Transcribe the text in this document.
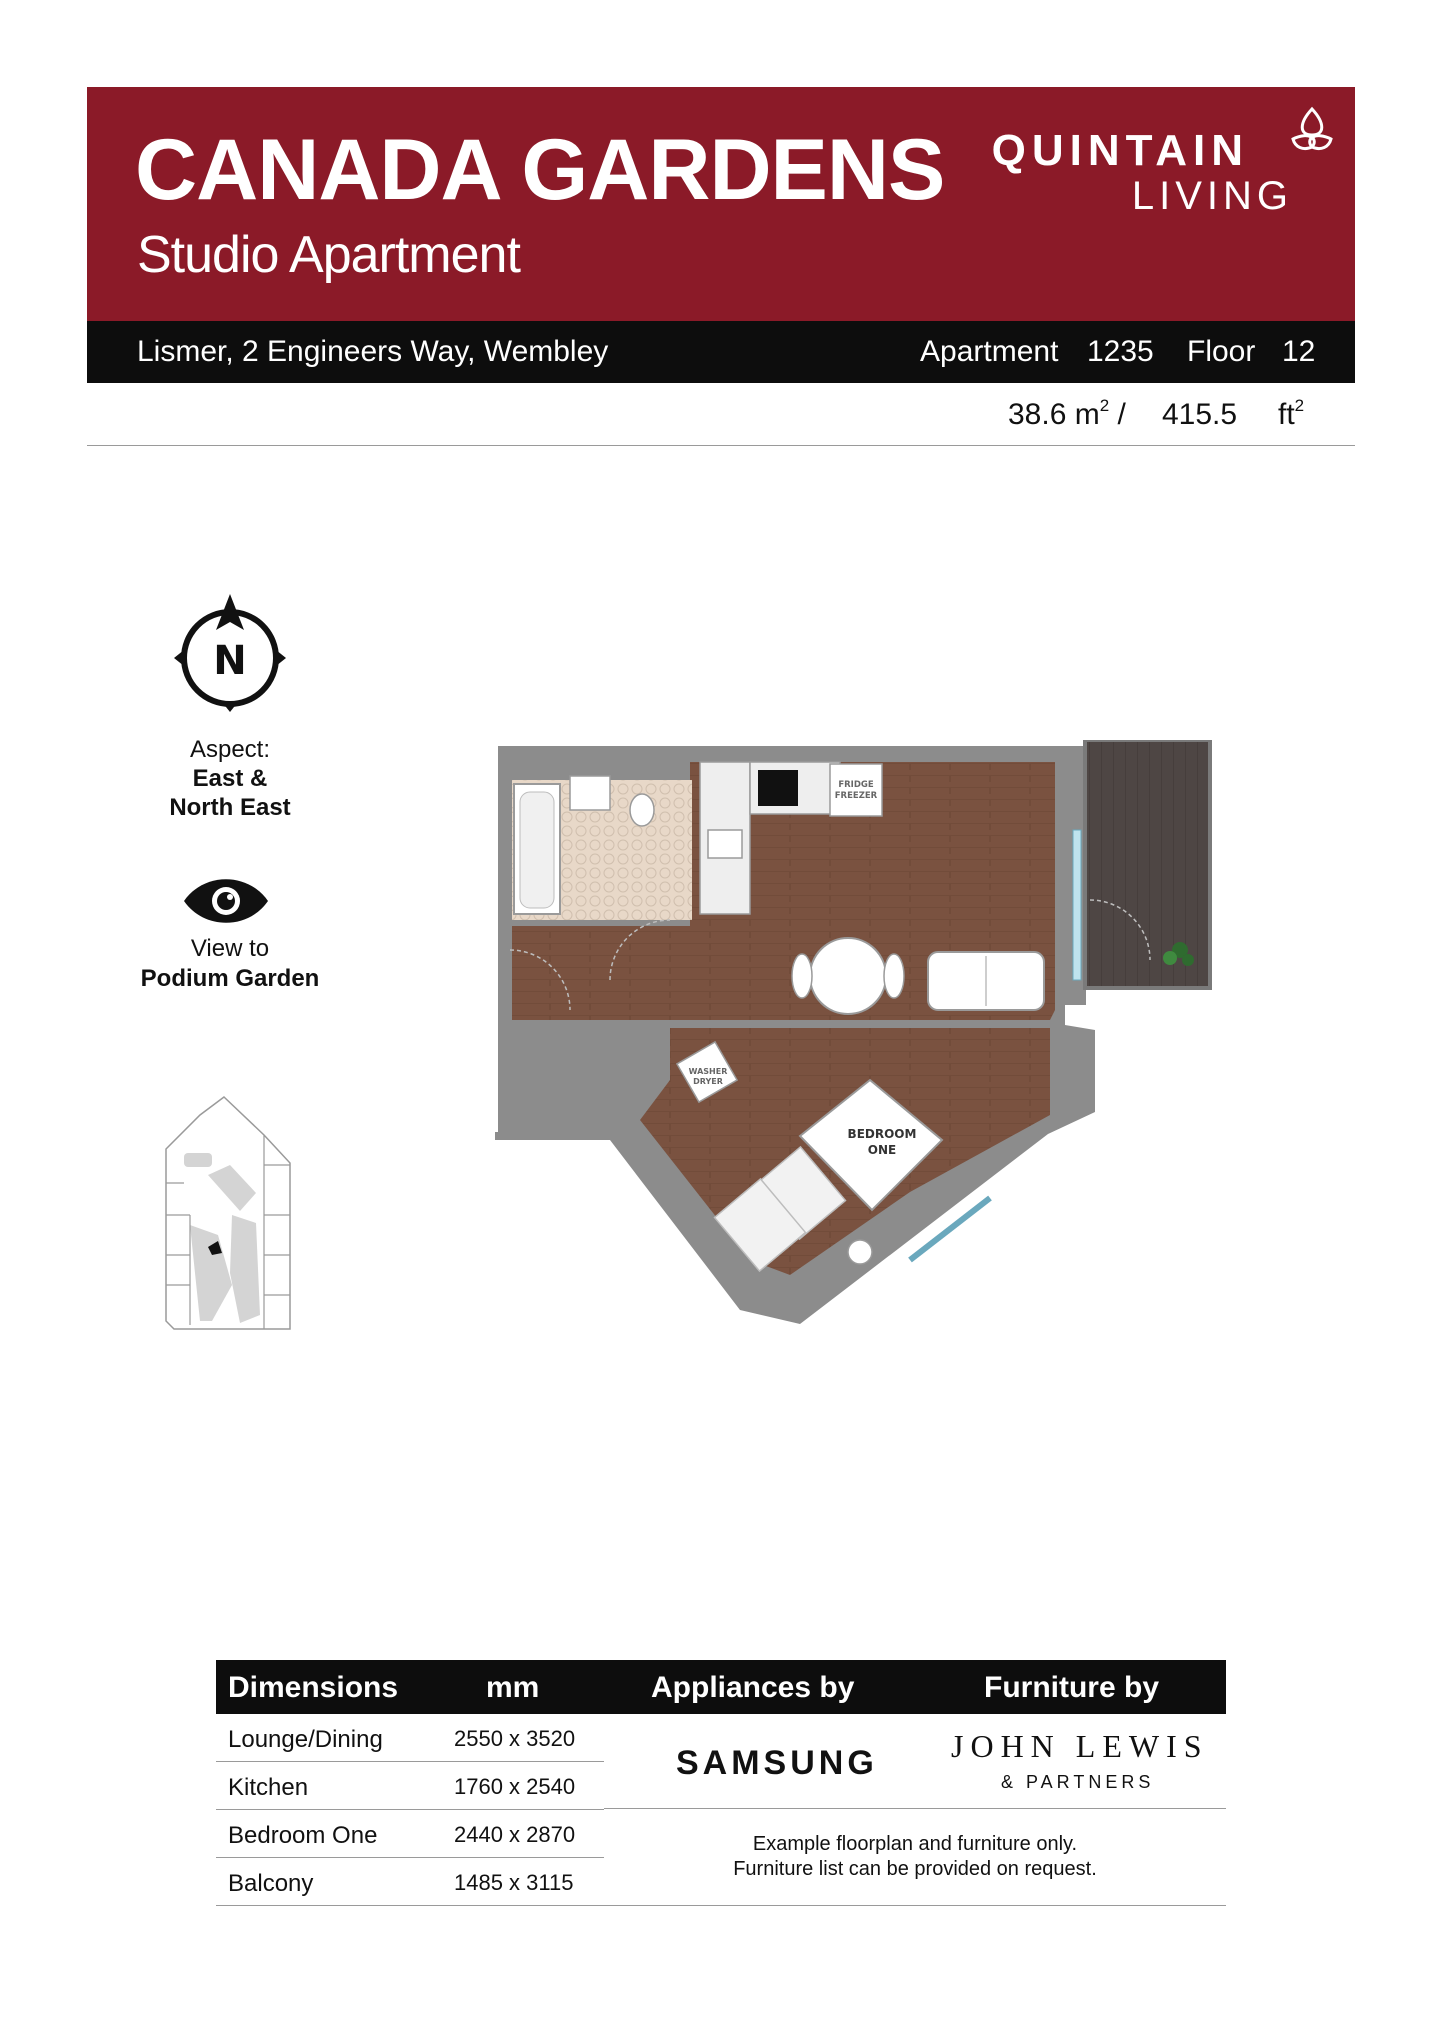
CANADA GARDENS
Studio Apartment
QUINTAIN
LIVING
Lismer, 2 Engineers Way, Wembley	Apartment 1235 Floor 12
38.6 $m^2 / 415.5$ $ft^2$
N
Aspect:
East &
North East
View to
Podium Garden
FRIDGE
FREEZER
WASHER
DRYER
BEDROOM
ONE
Dimensions	mm	Appliances by	Furniture by
Lounge/Dining	2550 x 3520
Kitchen	1760 x 2540
Bedroom One	2440 x 2870
Balcony	1485 x 3115
SAMSUNG JOHN LEWIS
& PARTNERS
Example floorplan and furniture only.
Furniture list can be provided on request.
